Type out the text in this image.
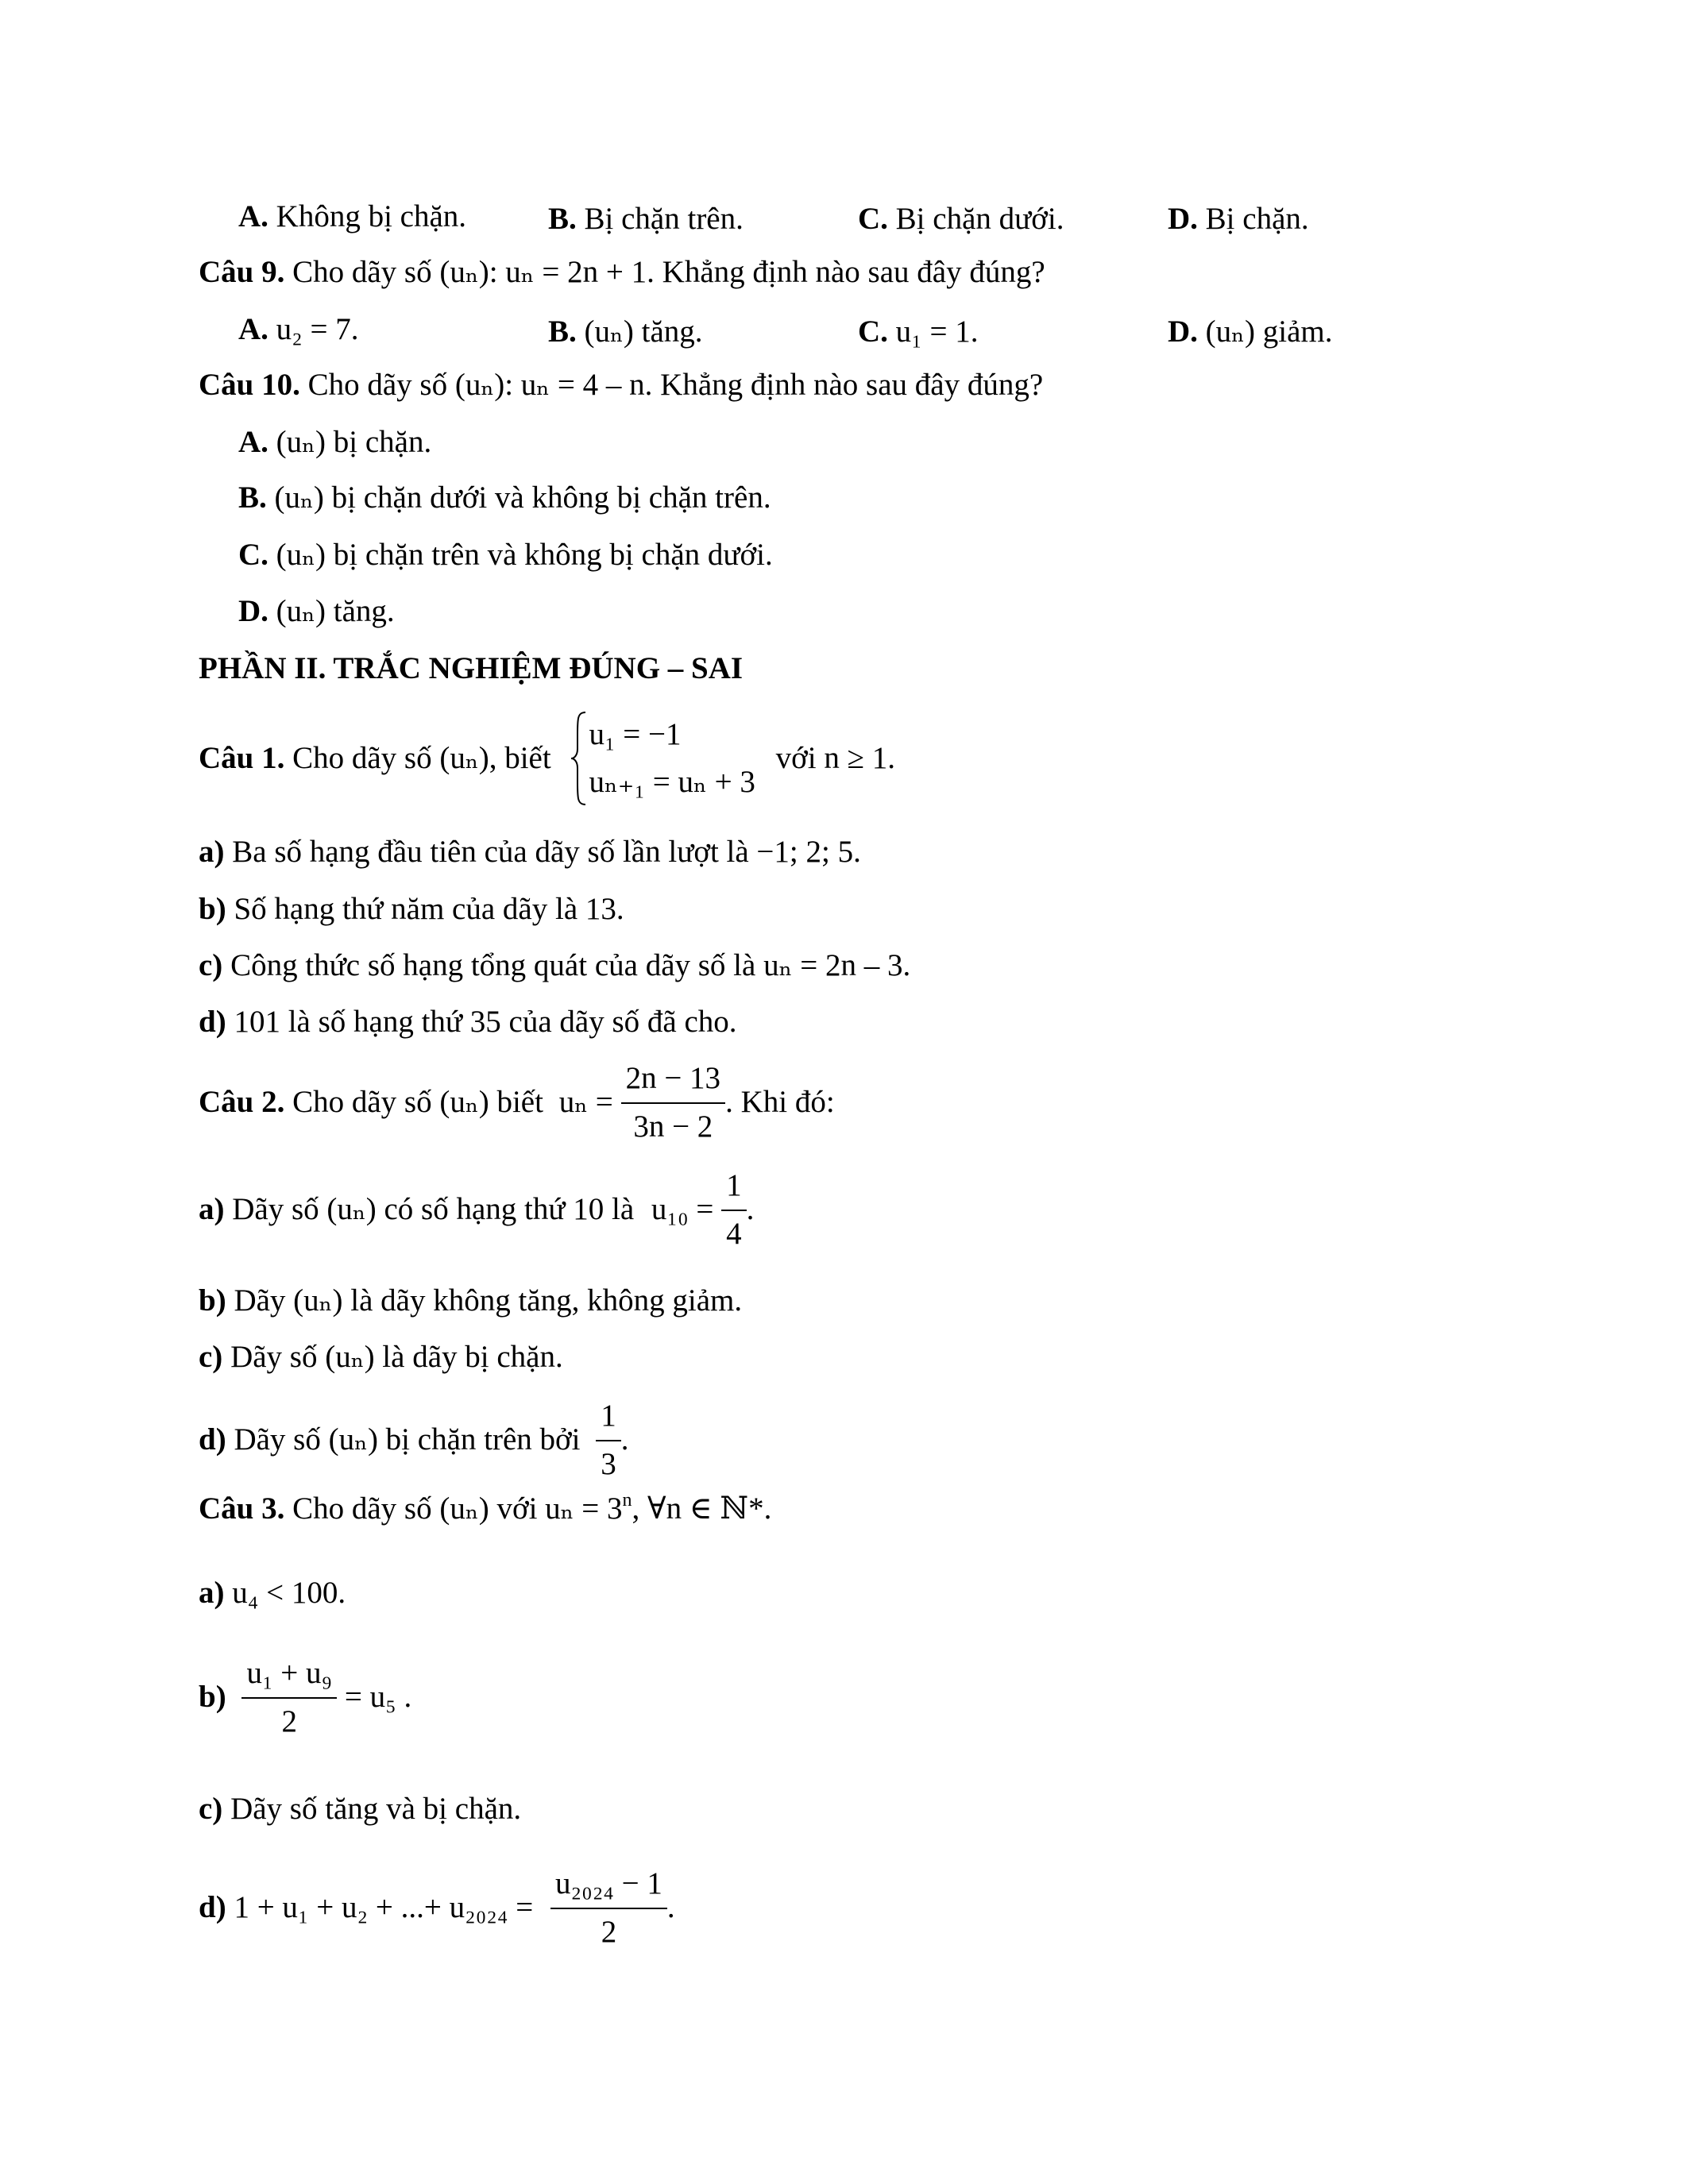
A. Không bị chặn.	B. Bị chặn trên.	C. Bị chặn dưới.	D. Bị chặn.
Câu 9. Cho dãy số (uₙ): uₙ = 2n + 1. Khẳng định nào sau đây đúng?
A. u₂ = 7.	B. (uₙ) tăng.	C. u₁ = 1.	D. (uₙ) giảm.
Câu 10. Cho dãy số (uₙ): uₙ = 4 – n. Khẳng định nào sau đây đúng?
A. (uₙ) bị chặn.
B. (uₙ) bị chặn dưới và không bị chặn trên.
C. (uₙ) bị chặn trên và không bị chặn dưới.
D. (uₙ) tăng.
PHẦN II. TRẮC NGHIỆM ĐÚNG – SAI
Câu 1. Cho dãy số (uₙ), biết
u₁ = −1
uₙ₊₁ = uₙ + 3
với n ≥ 1.
a) Ba số hạng đầu tiên của dãy số lần lượt là −1; 2; 5.
b) Số hạng thứ năm của dãy là 13.
c) Công thức số hạng tổng quát của dãy số là uₙ = 2n – 3.
d) 101 là số hạng thứ 35 của dãy số đã cho.
Câu 2. Cho dãy số (uₙ) biết $u_n = \frac{2n - 13}{3n - 2}$ . Khi đó:
a) Dãy số (uₙ) có số hạng thứ 10 là $u_{10} = \frac{1}{4}$ .
b) Dãy (uₙ) là dãy không tăng, không giảm.
c) Dãy số (uₙ) là dãy bị chặn.
d) Dãy số (uₙ) bị chặn trên bởi $\frac{1}{3}$ .
Câu 3. Cho dãy số (uₙ) với $u_n = 3^n$, ∀n ∈ ℕ*.
a) u₄ < 100.
$b) \frac{\text{u₁ + u₉}}{2} = u_5$ .
c) Dãy số tăng và bị chặn.
d) 1 + u₁ + u₂ + ...+ $u_{2024} = \frac{\text{u₂₀₂₄ − 1}}{2}$ .
